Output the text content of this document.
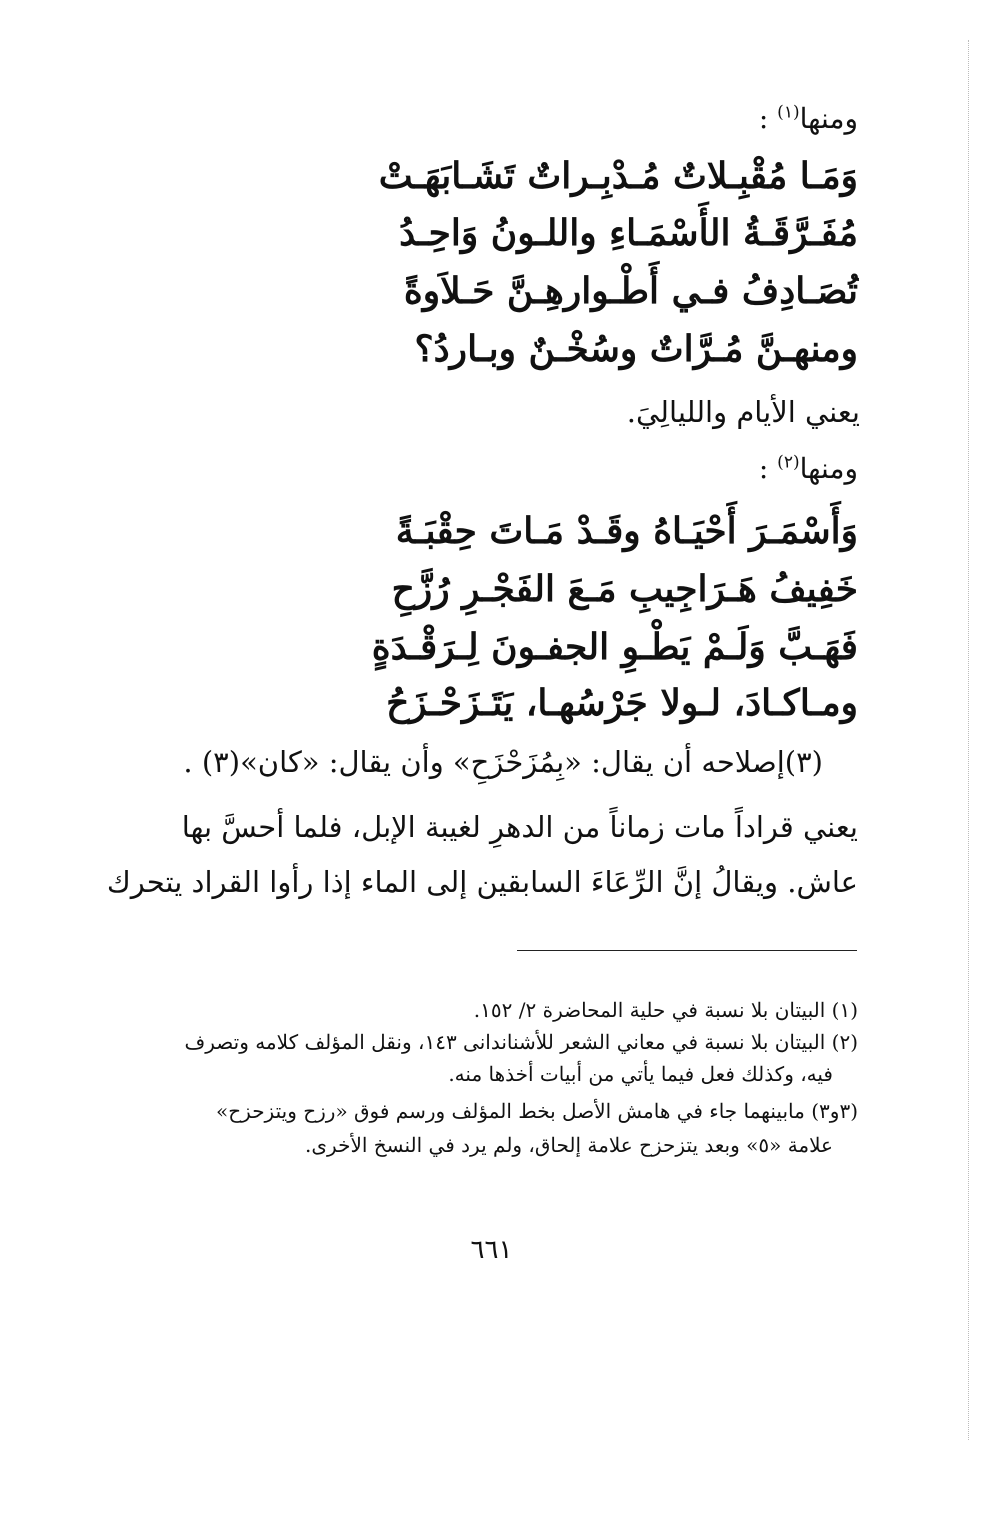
ومنها$^{(١)}$ :
وَمَـا مُقْبِـلاتٌ مُـدْبِـراتٌ تَشَـابَهَـتْ
مُفَـرَّقَـةُ الأَسْمَـاءِ واللـونُ وَاحِـدُ
تُصَـادِفُ فـي أَطْـوارهِـنَّ حَـلاَوةً
ومنهـنَّ مُـرَّاتٌ وسُخْـنٌ وبـاردُ؟
يعني الأيام والليالِيَ.
ومنها$^{(٢)}$ :
وَأَسْمَـرَ أَحْيَـاهُ وقَـدْ مَـاتَ حِقْبَـةً
خَفِيفُ هَـرَاجِيبِ مَـعَ الفَجْـرِ رُزَّحِ
فَهَـبَّ وَلَـمْ يَطْـوِ الجفـونَ لِـرَقْـدَةٍ
ومـاكـادَ، لـولا جَرْسُهـا، يَتَـزَحْـزَحُ
(٣)إصلاحه أن يقال: «بِمُزَحْزَحِ» وأن يقال: «كان»(٣) .
يعني قراداً مات زماناً من الدهرِ لغيبة الإبل، فلما أحسَّ بها
عاش. ويقالُ إنَّ الرِّعَاءَ السابقين إلى الماء إذا رأوا القراد يتحرك
(١) البيتان بلا نسبة في حلية المحاضرة ٢/ ١٥٢.
(٢) البيتان بلا نسبة في معاني الشعر للأشناندانى ١٤٣، ونقل المؤلف كلامه وتصرف
فيه، وكذلك فعل فيما يأتي من أبيات أخذها منه.
(٣و٣) مابينهما جاء في هامش الأصل بخط المؤلف ورسم فوق «رزح ويتزحزح»
علامة «٥» وبعد يتزحزح علامة إلحاق، ولم يرد في النسخ الأخرى.
٦٦١
